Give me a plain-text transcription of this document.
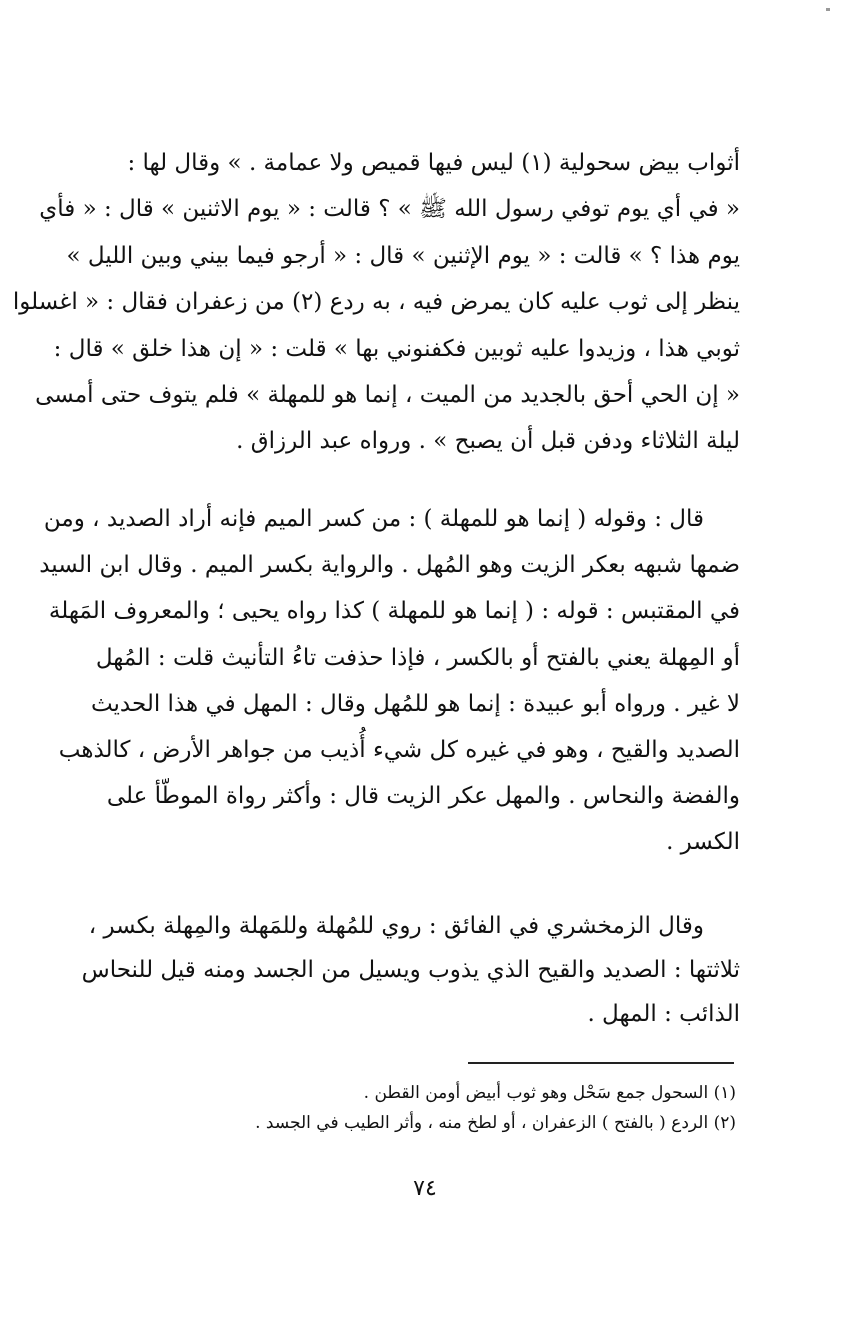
أثواب بيض سحولية (١) ليس فيها قميص ولا عمامة . » وقال لها :
« في أي يوم توفي رسول الله ﷺ » ؟ قالت : « يوم الاثنين » قال : « فأي
يوم هذا ؟ » قالت : « يوم الإثنين » قال : « أرجو فيما بيني وبين الليل »
ينظر إلى ثوب عليه كان يمرض فيه ، به ردع (٢) من زعفران فقال : « اغسلوا
ثوبي هذا ، وزيدوا عليه ثوبين فكفنوني بها » قلت : « إن هذا خلق » قال :
« إن الحي أحق بالجديد من الميت ، إنما هو للمهلة » فلم يتوف حتى أمسى
ليلة الثلاثاء ودفن قبل أن يصبح » . ورواه عبد الرزاق .
قال : وقوله ( إنما هو للمهلة ) : من كسر الميم فإنه أراد الصديد ، ومن
ضمها شبهه بعكر الزيت وهو المُهل . والرواية بكسر الميم . وقال ابن السيد
في المقتبس : قوله : ( إنما هو للمهلة ) كذا رواه يحيى ؛ والمعروف المَهلة
أو المِهلة يعني بالفتح أو بالكسر ، فإذا حذفت تاءُ التأنيث قلت : المُهل
لا غير . ورواه أبو عبيدة : إنما هو للمُهل وقال : المهل في هذا الحديث
الصديد والقيح ، وهو في غيره كل شيء أُذيب من جواهر الأرض ، كالذهب
والفضة والنحاس . والمهل عكر الزيت قال : وأكثر رواة الموطّأ على
الكسر .
وقال الزمخشري في الفائق : روي للمُهلة وللمَهلة والمِهلة بكسر ،
ثلاثتها : الصديد والقيح الذي يذوب ويسيل من الجسد ومنه قيل للنحاس
الذائب : المهل .
(١) السحول جمع سَحْل وهو ثوب أبيض أومن القطن .
(٢) الردع ( بالفتح ) الزعفران ، أو لطخ منه ، وأثر الطيب في الجسد .
٧٤
